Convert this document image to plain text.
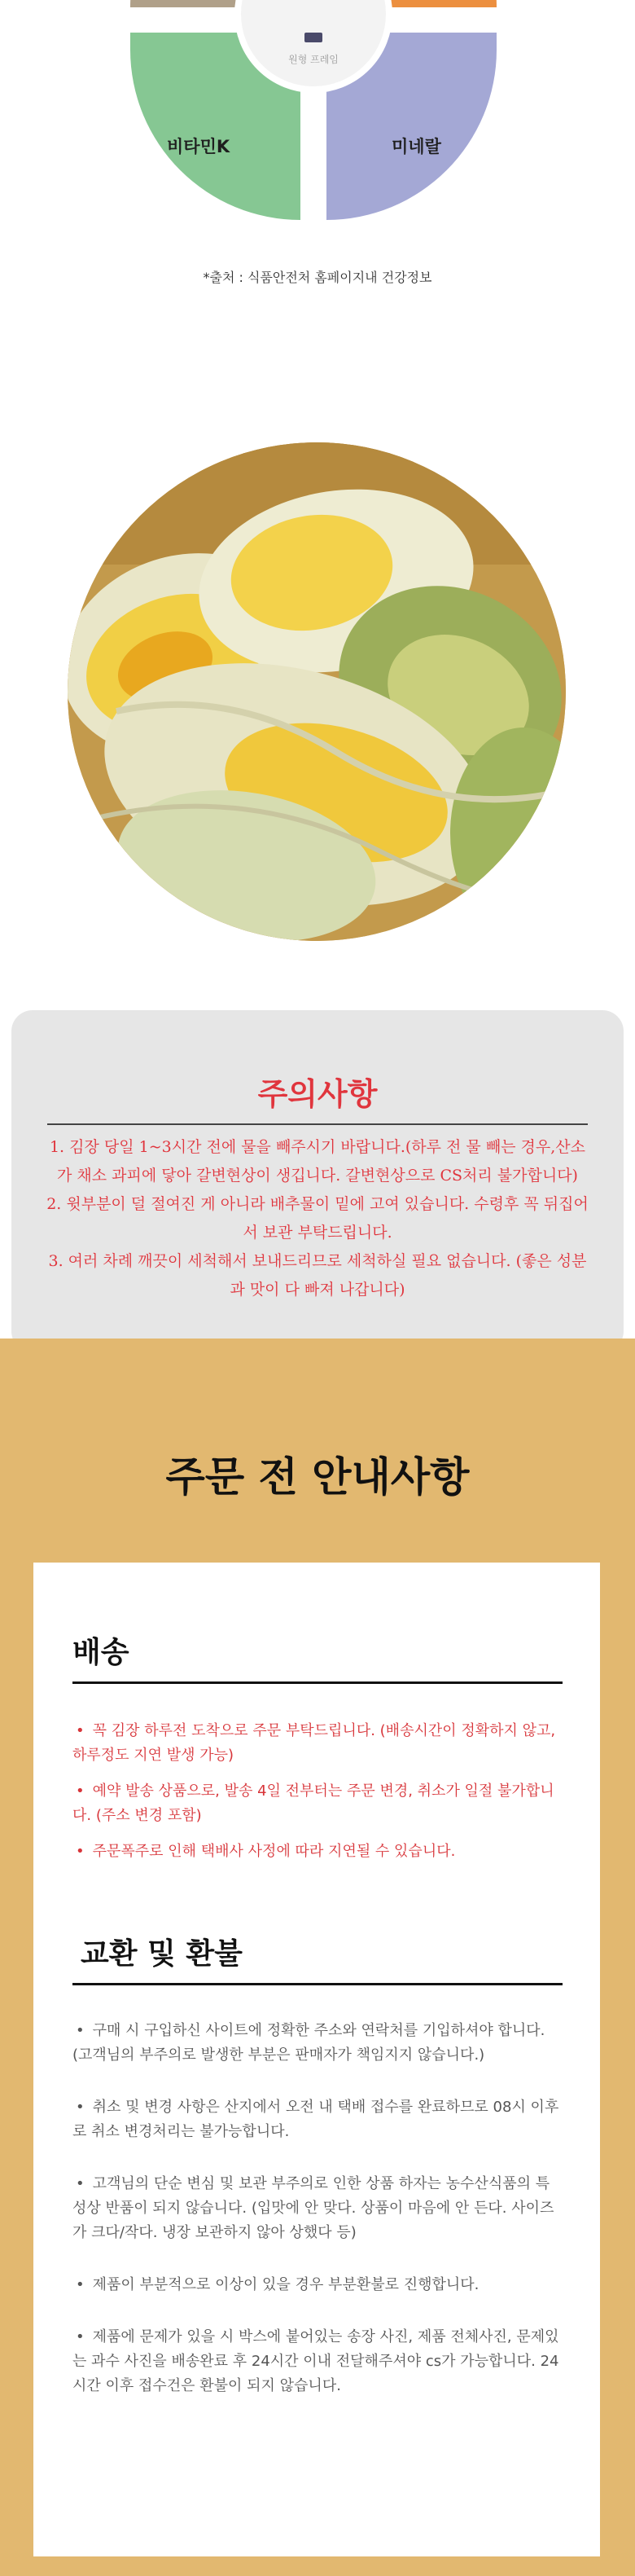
비타민K	미네랄
원형 프레임
*출처 : 식품안전처 홈페이지내 건강정보
주의사항

1. 김장 당일 1~3시간 전에 물을 빼주시기 바랍니다.(하루 전 물 빼는 경우,산소가 채소 과피에 닿아 갈변현상이 생깁니다. 갈변현상으로 CS처리 불가합니다)

2. 윗부분이 덜 절여진 게 아니라 배추물이 밑에 고여 있습니다. 수령후 꼭 뒤집어서 보관 부탁드립니다.

3. 여러 차례 깨끗이 세척해서 보내드리므로 세척하실 필요 없습니다. (좋은 성분과 맛이 다 빠져 나갑니다)

주문 전 안내사항
배송
• 꼭 김장 하루전 도착으로 주문 부탁드립니다. (배송시간이 정확하지 않고, 하루정도 지연 발생 가능)
• 예약 발송 상품으로, 발송 4일 전부터는 주문 변경, 취소가 일절 불가합니다. (주소 변경 포함)
• 주문폭주로 인해 택배사 사정에 따라 지연될 수 있습니다.
교환 및 환불
• 구매 시 구입하신 사이트에 정확한 주소와 연락처를 기입하셔야 합니다.(고객님의 부주의로 발생한 부분은 판매자가 책임지지 않습니다.)
• 취소 및 변경 사항은 산지에서 오전 내 택배 접수를 완료하므로 08시 이후로 취소 변경처리는 불가능합니다.
• 고객님의 단순 변심 및 보관 부주의로 인한 상품 하자는 농수산식품의 특성상 반품이 되지 않습니다. (입맛에 안 맞다. 상품이 마음에 안 든다. 사이즈가 크다/작다. 냉장 보관하지 않아 상했다 등)
• 제품이 부분적으로 이상이 있을 경우 부분환불로 진행합니다.
• 제품에 문제가 있을 시 박스에 붙어있는 송장 사진, 제품 전체사진, 문제있는 과수 사진을 배송완료 후 24시간 이내 전달해주셔야 cs가 가능합니다. 24시간 이후 접수건은 환불이 되지 않습니다.
